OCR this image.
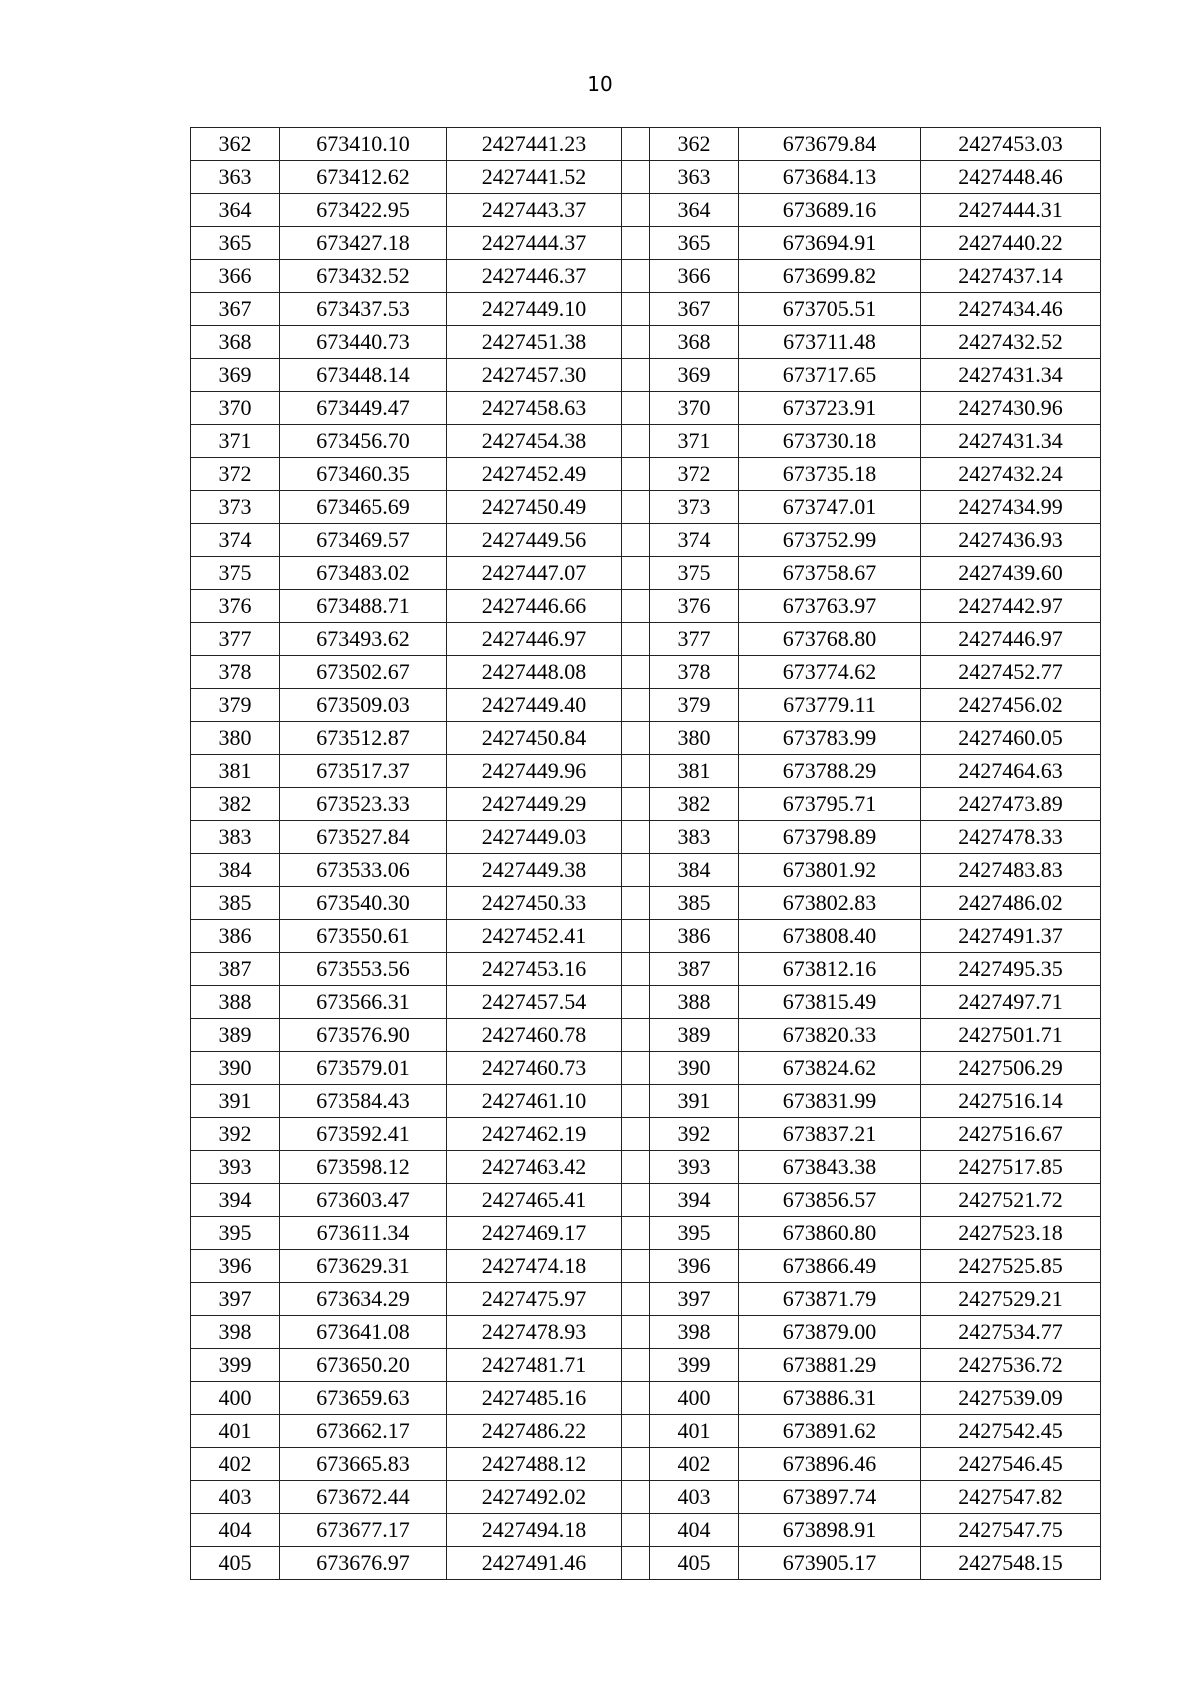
10
362	673410.10	2427441.23		362	673679.84	2427453.03
363	673412.62	2427441.52		363	673684.13	2427448.46
364	673422.95	2427443.37		364	673689.16	2427444.31
365	673427.18	2427444.37		365	673694.91	2427440.22
366	673432.52	2427446.37		366	673699.82	2427437.14
367	673437.53	2427449.10		367	673705.51	2427434.46
368	673440.73	2427451.38		368	673711.48	2427432.52
369	673448.14	2427457.30		369	673717.65	2427431.34
370	673449.47	2427458.63		370	673723.91	2427430.96
371	673456.70	2427454.38		371	673730.18	2427431.34
372	673460.35	2427452.49		372	673735.18	2427432.24
373	673465.69	2427450.49		373	673747.01	2427434.99
374	673469.57	2427449.56		374	673752.99	2427436.93
375	673483.02	2427447.07		375	673758.67	2427439.60
376	673488.71	2427446.66		376	673763.97	2427442.97
377	673493.62	2427446.97		377	673768.80	2427446.97
378	673502.67	2427448.08		378	673774.62	2427452.77
379	673509.03	2427449.40		379	673779.11	2427456.02
380	673512.87	2427450.84		380	673783.99	2427460.05
381	673517.37	2427449.96		381	673788.29	2427464.63
382	673523.33	2427449.29		382	673795.71	2427473.89
383	673527.84	2427449.03		383	673798.89	2427478.33
384	673533.06	2427449.38		384	673801.92	2427483.83
385	673540.30	2427450.33		385	673802.83	2427486.02
386	673550.61	2427452.41		386	673808.40	2427491.37
387	673553.56	2427453.16		387	673812.16	2427495.35
388	673566.31	2427457.54		388	673815.49	2427497.71
389	673576.90	2427460.78		389	673820.33	2427501.71
390	673579.01	2427460.73		390	673824.62	2427506.29
391	673584.43	2427461.10		391	673831.99	2427516.14
392	673592.41	2427462.19		392	673837.21	2427516.67
393	673598.12	2427463.42		393	673843.38	2427517.85
394	673603.47	2427465.41		394	673856.57	2427521.72
395	673611.34	2427469.17		395	673860.80	2427523.18
396	673629.31	2427474.18		396	673866.49	2427525.85
397	673634.29	2427475.97		397	673871.79	2427529.21
398	673641.08	2427478.93		398	673879.00	2427534.77
399	673650.20	2427481.71		399	673881.29	2427536.72
400	673659.63	2427485.16		400	673886.31	2427539.09
401	673662.17	2427486.22		401	673891.62	2427542.45
402	673665.83	2427488.12		402	673896.46	2427546.45
403	673672.44	2427492.02		403	673897.74	2427547.82
404	673677.17	2427494.18		404	673898.91	2427547.75
405	673676.97	2427491.46		405	673905.17	2427548.15
